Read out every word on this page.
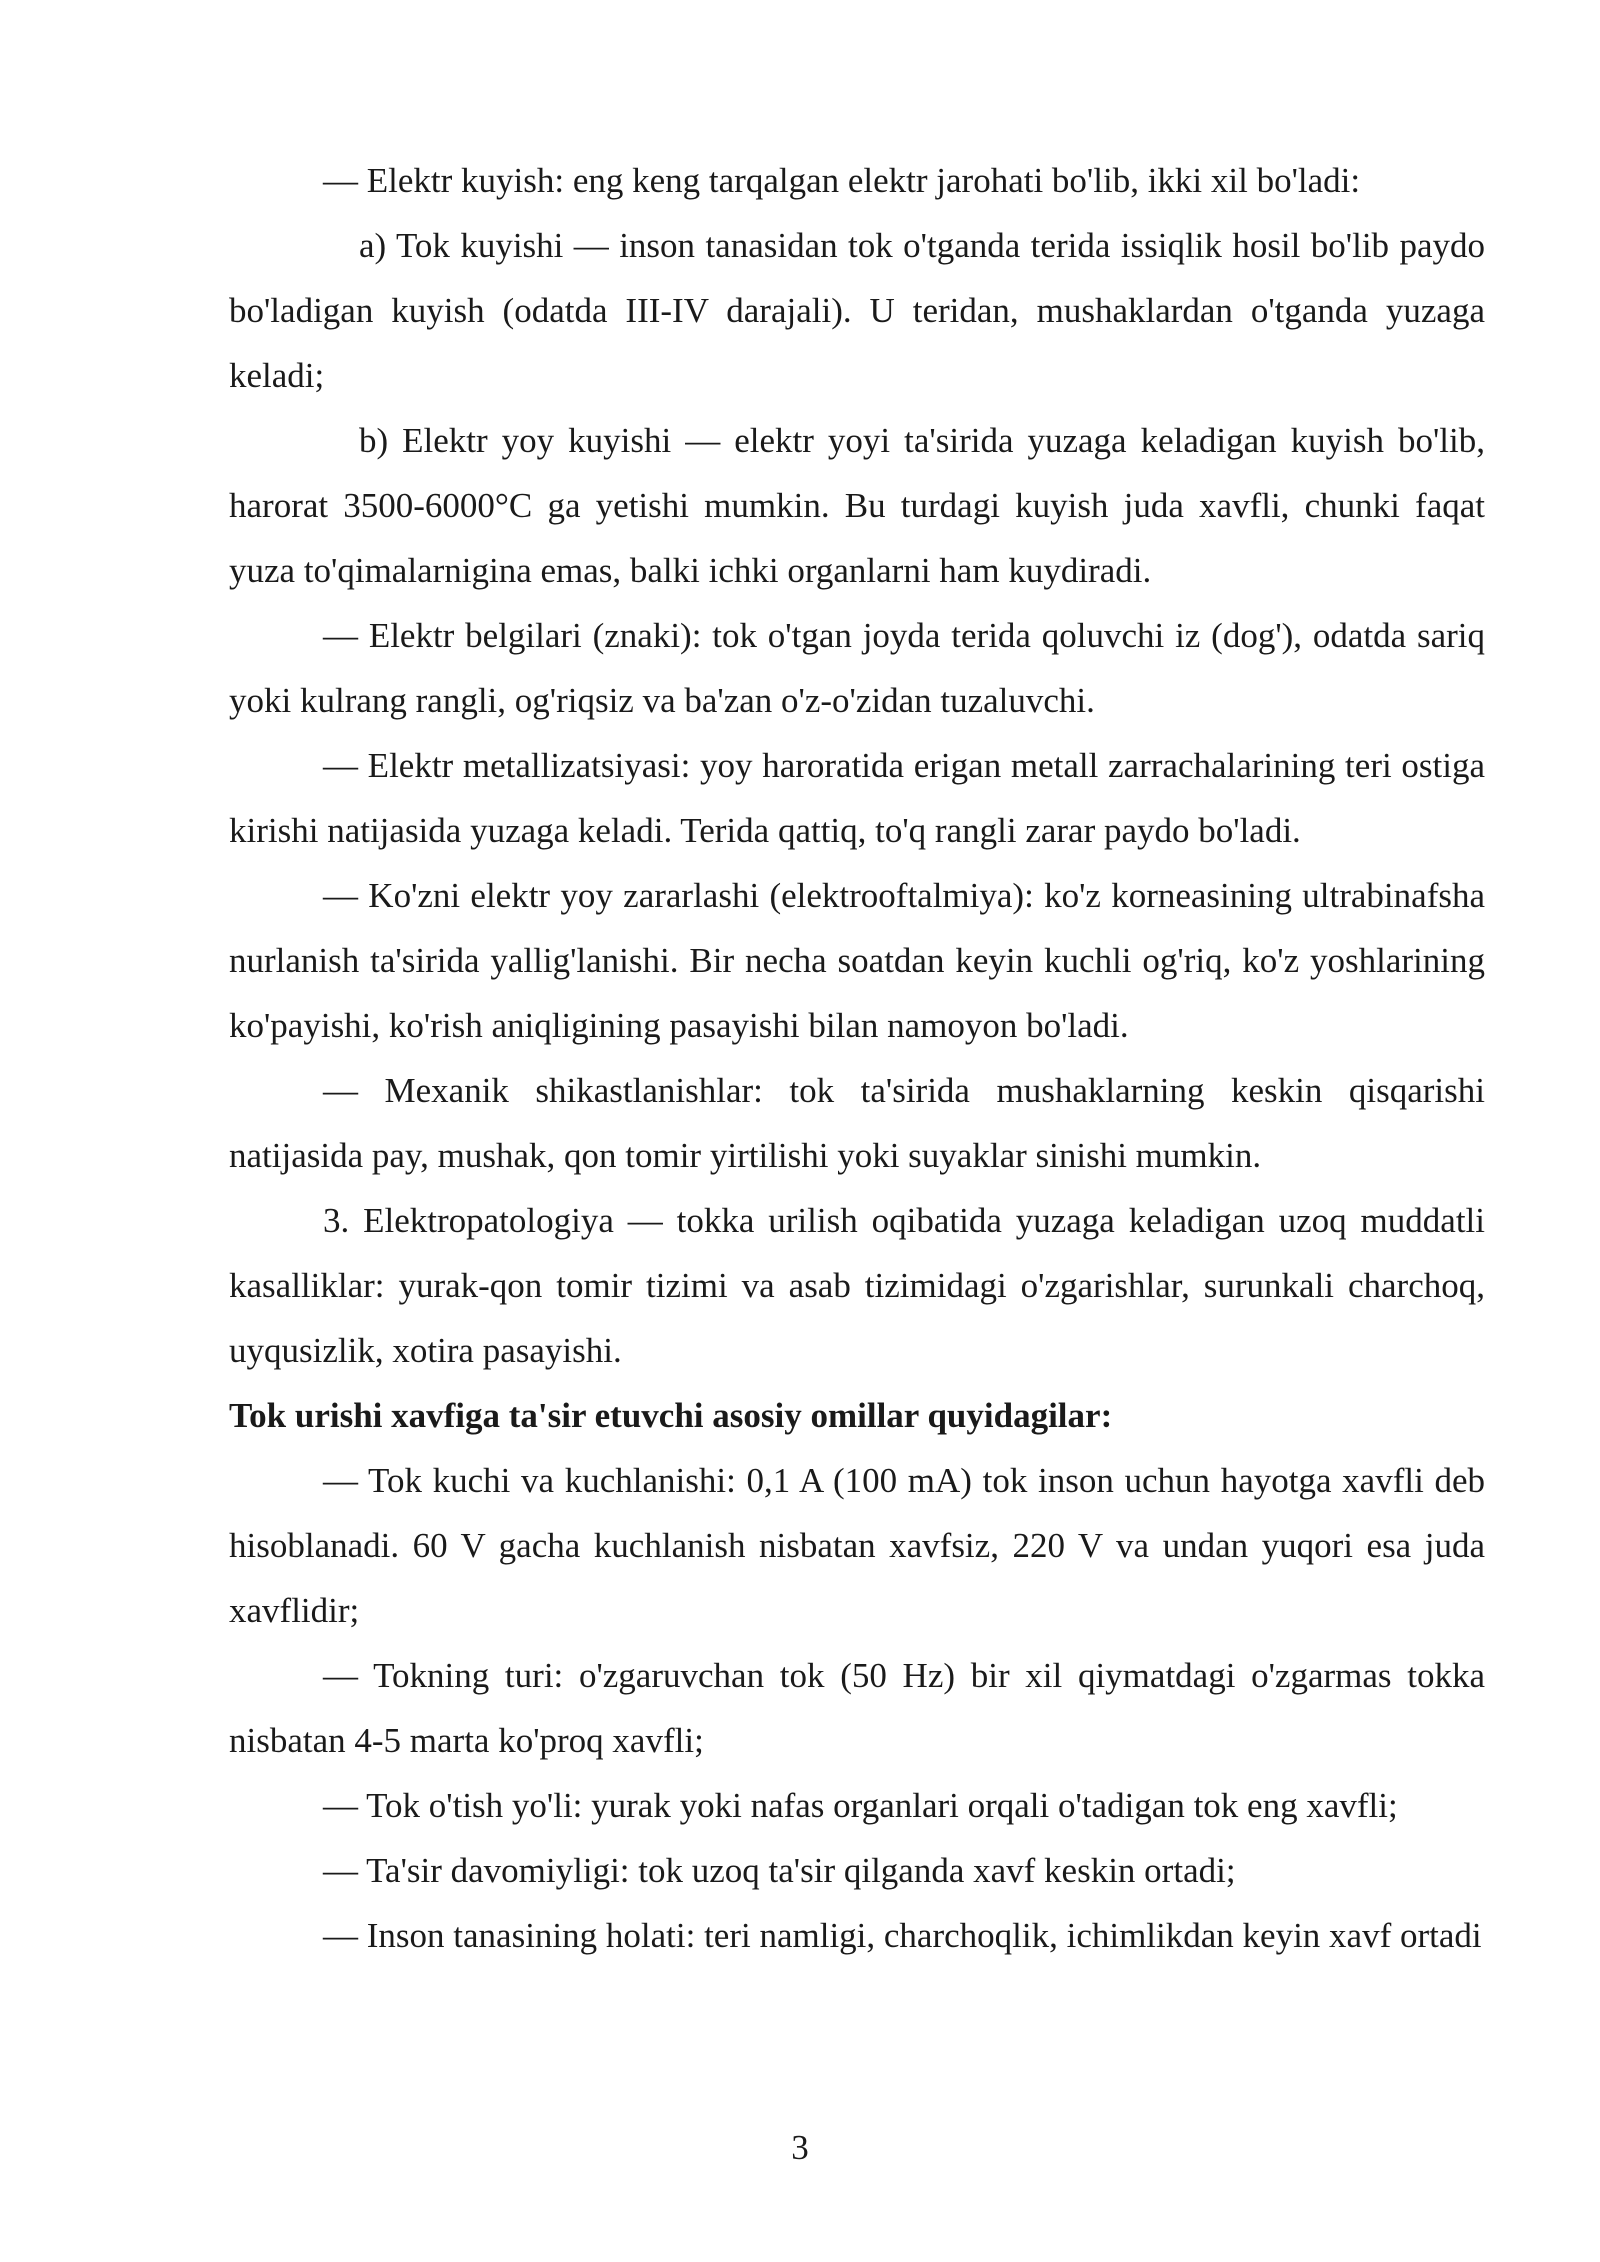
— Elektr kuyish: eng keng tarqalgan elektr jarohati bo'lib, ikki xil bo'ladi:

a) Tok kuyishi — inson tanasidan tok o'tganda terida issiqlik hosil bo'lib paydo bo'ladigan kuyish (odatda III-IV darajali). U teridan, mushaklardan o'tganda yuzaga keladi;

b) Elektr yoy kuyishi — elektr yoyi ta'sirida yuzaga keladigan kuyish bo'lib, harorat 3500-6000°C ga yetishi mumkin. Bu turdagi kuyish juda xavfli, chunki faqat yuza to'qimalarnigina emas, balki ichki organlarni ham kuydiradi.

— Elektr belgilari (znaki): tok o'tgan joyda terida qoluvchi iz (dog'), odatda sariq yoki kulrang rangli, og'riqsiz va ba'zan o'z-o'zidan tuzaluvchi.

— Elektr metallizatsiyasi: yoy haroratida erigan metall zarrachalarining teri ostiga kirishi natijasida yuzaga keladi. Terida qattiq, to'q rangli zarar paydo bo'ladi.

— Ko'zni elektr yoy zararlashi (elektrooftalmiya): ko'z korneasining ultrabinafsha nurlanish ta'sirida yallig'lanishi. Bir necha soatdan keyin kuchli og'riq, ko'z yoshlarining ko'payishi, ko'rish aniqligining pasayishi bilan namoyon bo'ladi.

— Mexanik shikastlanishlar: tok ta'sirida mushaklarning keskin qisqarishi natijasida pay, mushak, qon tomir yirtilishi yoki suyaklar sinishi mumkin.

3. Elektropatologiya — tokka urilish oqibatida yuzaga keladigan uzoq muddatli kasalliklar: yurak-qon tomir tizimi va asab tizimidagi o'zgarishlar, surunkali charchoq, uyqusizlik, xotira pasayishi.

Tok urishi xavfiga ta'sir etuvchi asosiy omillar quyidagilar:

— Tok kuchi va kuchlanishi: 0,1 A (100 mA) tok inson uchun hayotga xavfli deb hisoblanadi. 60 V gacha kuchlanish nisbatan xavfsiz, 220 V va undan yuqori esa juda xavflidir;

— Tokning turi: o'zgaruvchan tok (50 Hz) bir xil qiymatdagi o'zgarmas tokka nisbatan 4-5 marta ko'proq xavfli;

— Tok o'tish yo'li: yurak yoki nafas organlari orqali o'tadigan tok eng xavfli;

— Ta'sir davomiyligi: tok uzoq ta'sir qilganda xavf keskin ortadi;

— Inson tanasining holati: teri namligi, charchoqlik, ichimlikdan keyin xavf ortadi

3
